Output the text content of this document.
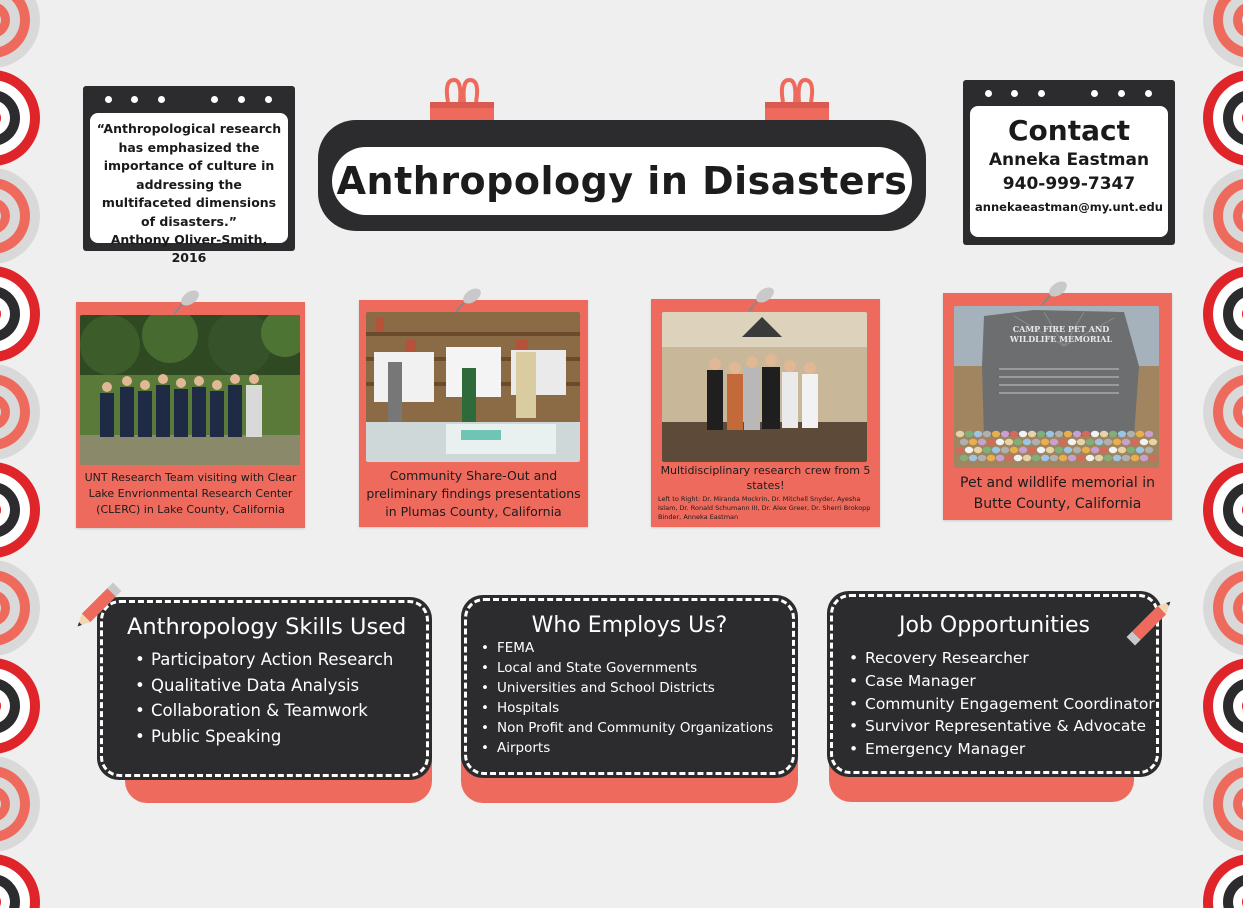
“Anthropological research has emphasized the importance of culture in addressing the multifaceted dimensions of disasters.”
Anthony Oliver-Smith, 2016
Anthropology in Disasters
Contact
Anneka Eastman
940-999-7347
annekaeastman@my.unt.edu
UNT Research Team visiting with Clear Lake Envrionmental Research Center (CLERC) in Lake County, California
Community Share-Out and preliminary findings presentations in Plumas County, California
Multidisciplinary research crew from 5 states!
Left to Right: Dr. Miranda Mockrin, Dr. Mitchell Snyder, Ayesha Islam, Dr. Ronald Schumann III, Dr. Alex Greer, Dr. Sherri Brokopp Binder, Anneka Eastman
CAMP FIRE PET AND
WILDLIFE MEMORIAL
Pet and wildlife memorial in Butte County, California
Anthropology Skills Used
• Participatory Action Research
• Qualitative Data Analysis
• Collaboration & Teamwork
• Public Speaking
Who Employs Us?
• FEMA
• Local and State Governments
• Universities and School Districts
• Hospitals
• Non Profit and Community Organizations
• Airports
Job Opportunities
• Recovery Researcher
• Case Manager
• Community Engagement Coordinator
• Survivor Representative & Advocate
• Emergency Manager
